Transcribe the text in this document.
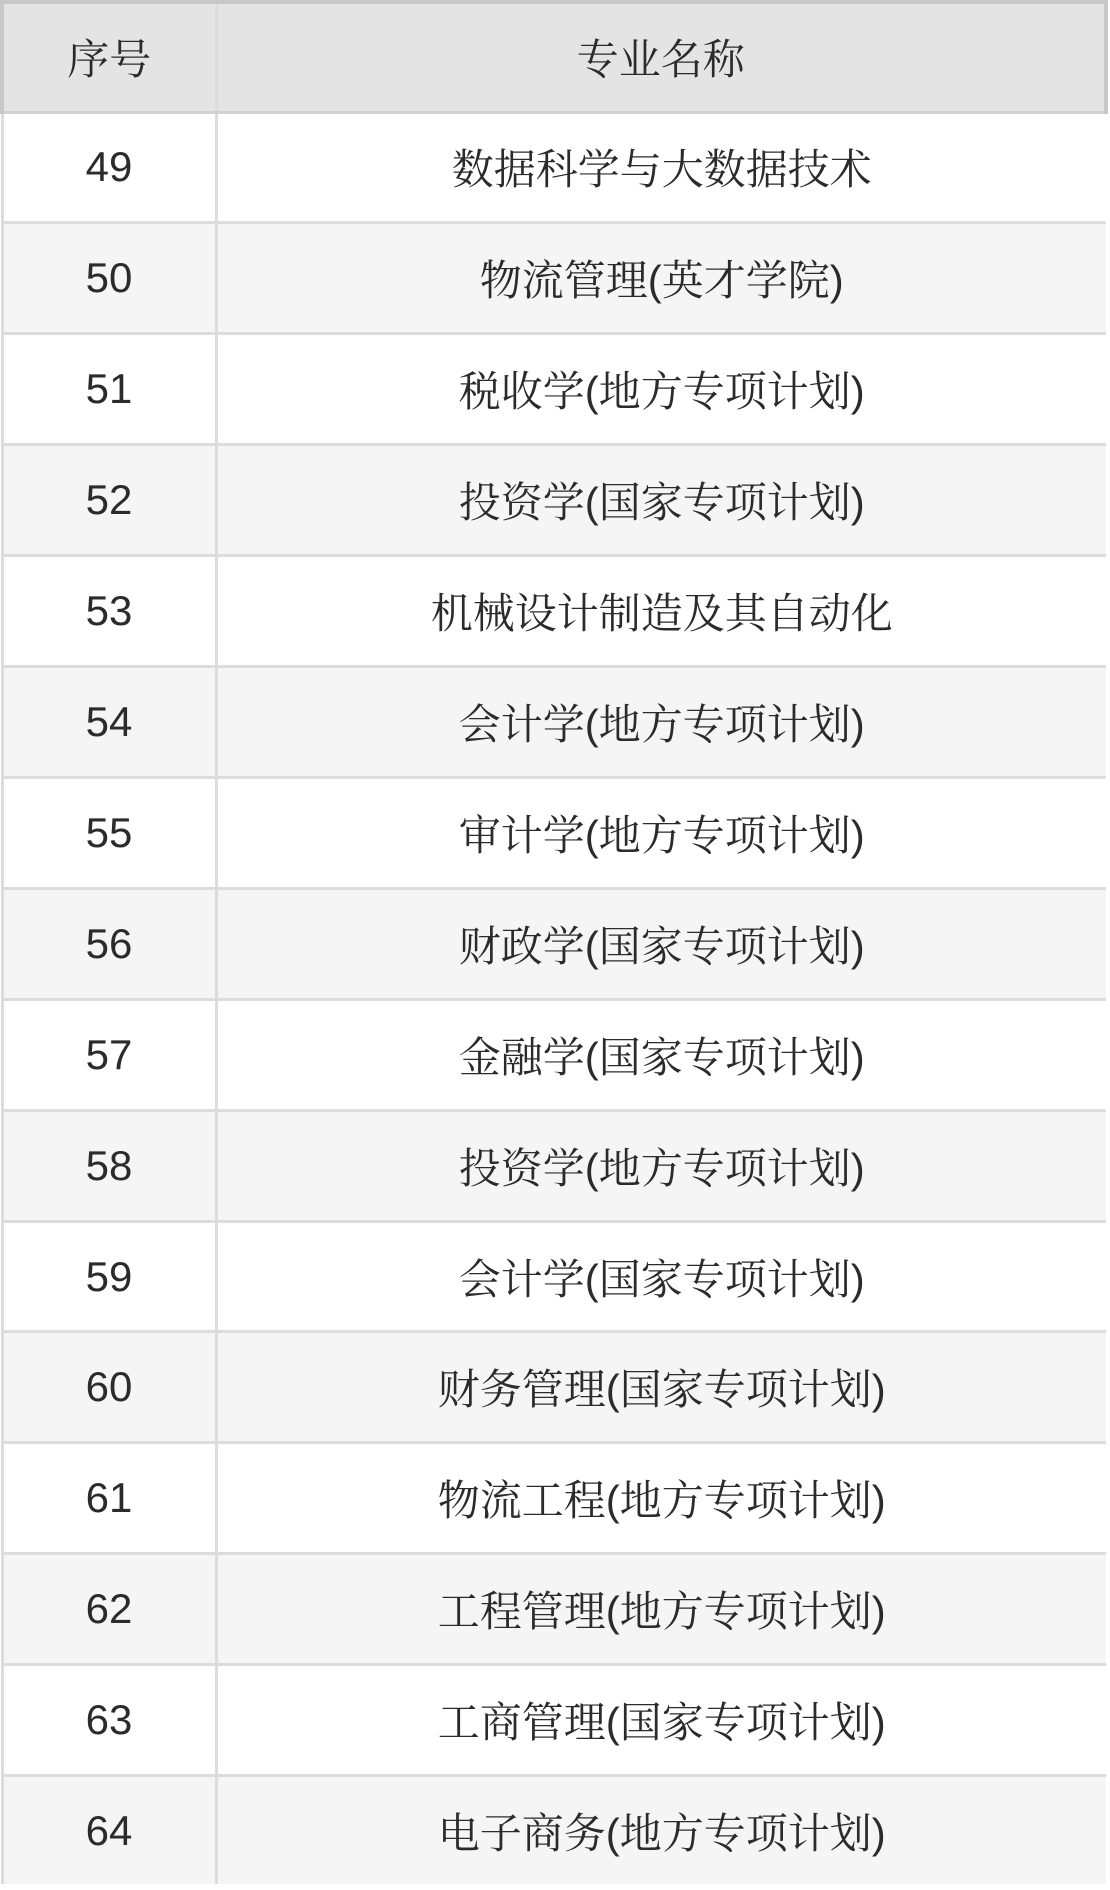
序号	专业名称
49	数据科学与大数据技术
50	物流管理(英才学院)
51	税收学(地方专项计划)
52	投资学(国家专项计划)
53	机械设计制造及其自动化
54	会计学(地方专项计划)
55	审计学(地方专项计划)
56	财政学(国家专项计划)
57	金融学(国家专项计划)
58	投资学(地方专项计划)
59	会计学(国家专项计划)
60	财务管理(国家专项计划)
61	物流工程(地方专项计划)
62	工程管理(地方专项计划)
63	工商管理(国家专项计划)
64	电子商务(地方专项计划)
